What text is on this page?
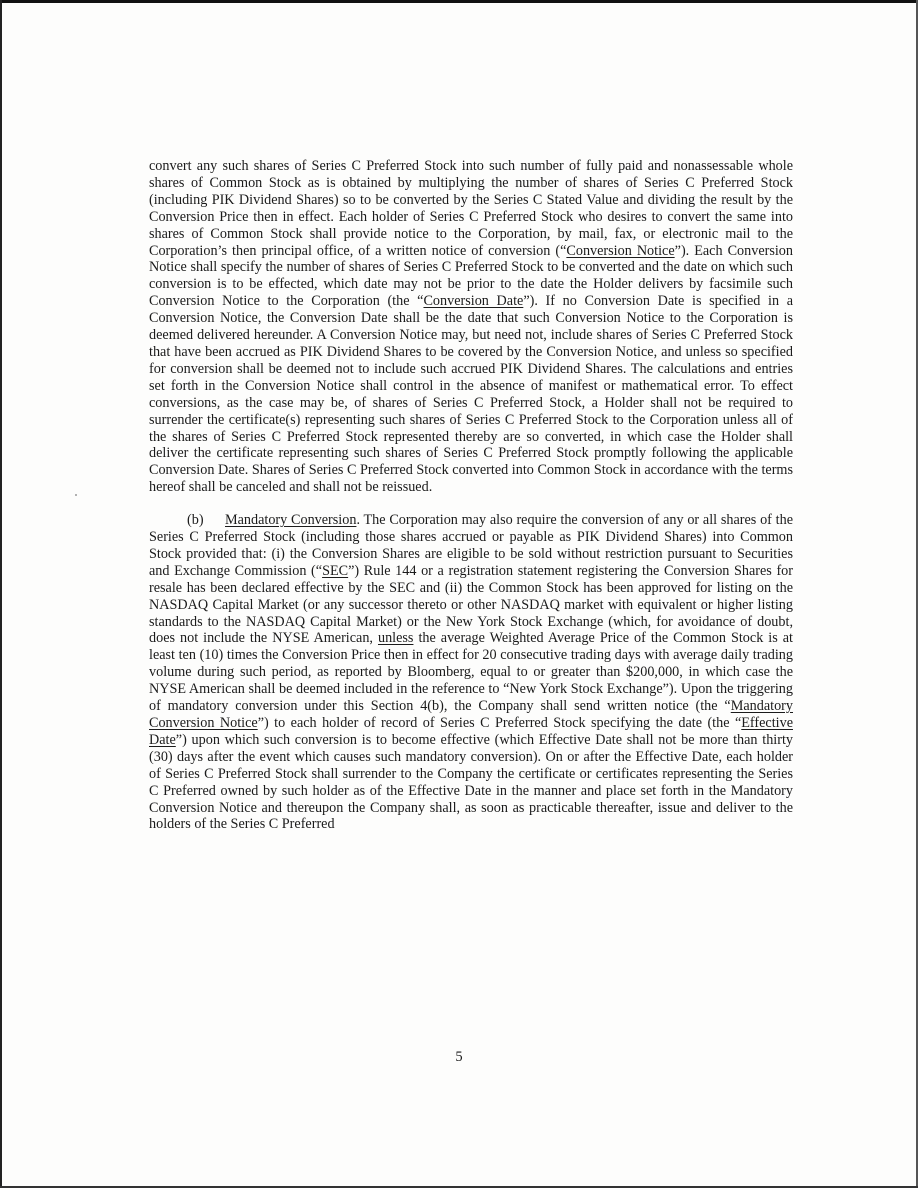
convert any such shares of Series C Preferred Stock into such number of fully paid and nonassessable whole shares of Common Stock as is obtained by multiplying the number of shares of Series C Preferred Stock (including PIK Dividend Shares) so to be converted by the Series C Stated Value and dividing the result by the Conversion Price then in effect. Each holder of Series C Preferred Stock who desires to convert the same into shares of Common Stock shall provide notice to the Corporation, by mail, fax, or electronic mail to the Corporation’s then principal office, of a written notice of conversion (“Conversion Notice”). Each Conversion Notice shall specify the number of shares of Series C Preferred Stock to be converted and the date on which such conversion is to be effected, which date may not be prior to the date the Holder delivers by facsimile such Conversion Notice to the Corporation (the “Conversion Date”). If no Conversion Date is specified in a Conversion Notice, the Conversion Date shall be the date that such Conversion Notice to the Corporation is deemed delivered hereunder. A Conversion Notice may, but need not, include shares of Series C Preferred Stock that have been accrued as PIK Dividend Shares to be covered by the Conversion Notice, and unless so specified for conversion shall be deemed not to include such accrued PIK Dividend Shares. The calculations and entries set forth in the Conversion Notice shall control in the absence of manifest or mathematical error. To effect conversions, as the case may be, of shares of Series C Preferred Stock, a Holder shall not be required to surrender the certificate(s) representing such shares of Series C Preferred Stock to the Corporation unless all of the shares of Series C Preferred Stock represented thereby are so converted, in which case the Holder shall deliver the certificate representing such shares of Series C Preferred Stock promptly following the applicable Conversion Date. Shares of Series C Preferred Stock converted into Common Stock in accordance with the terms hereof shall be canceled and shall not be reissued.

(b) Mandatory Conversion. The Corporation may also require the conversion of any or all shares of the Series C Preferred Stock (including those shares accrued or payable as PIK Dividend Shares) into Common Stock provided that: (i) the Conversion Shares are eligible to be sold without restriction pursuant to Securities and Exchange Commission (“SEC”) Rule 144 or a registration statement registering the Conversion Shares for resale has been declared effective by the SEC and (ii) the Common Stock has been approved for listing on the NASDAQ Capital Market (or any successor thereto or other NASDAQ market with equivalent or higher listing standards to the NASDAQ Capital Market) or the New York Stock Exchange (which, for avoidance of doubt, does not include the NYSE American, unless the average Weighted Average Price of the Common Stock is at least ten (10) times the Conversion Price then in effect for 20 consecutive trading days with average daily trading volume during such period, as reported by Bloomberg, equal to or greater than $200,000, in which case the NYSE American shall be deemed included in the reference to “New York Stock Exchange”). Upon the triggering of mandatory conversion under this Section 4(b), the Company shall send written notice (the “Mandatory Conversion Notice”) to each holder of record of Series C Preferred Stock specifying the date (the “Effective Date”) upon which such conversion is to become effective (which Effective Date shall not be more than thirty (30) days after the event which causes such mandatory conversion). On or after the Effective Date, each holder of Series C Preferred Stock shall surrender to the Company the certificate or certificates representing the Series C Preferred owned by such holder as of the Effective Date in the manner and place set forth in the Mandatory Conversion Notice and thereupon the Company shall, as soon as practicable thereafter, issue and deliver to the holders of the Series C Preferred

5
